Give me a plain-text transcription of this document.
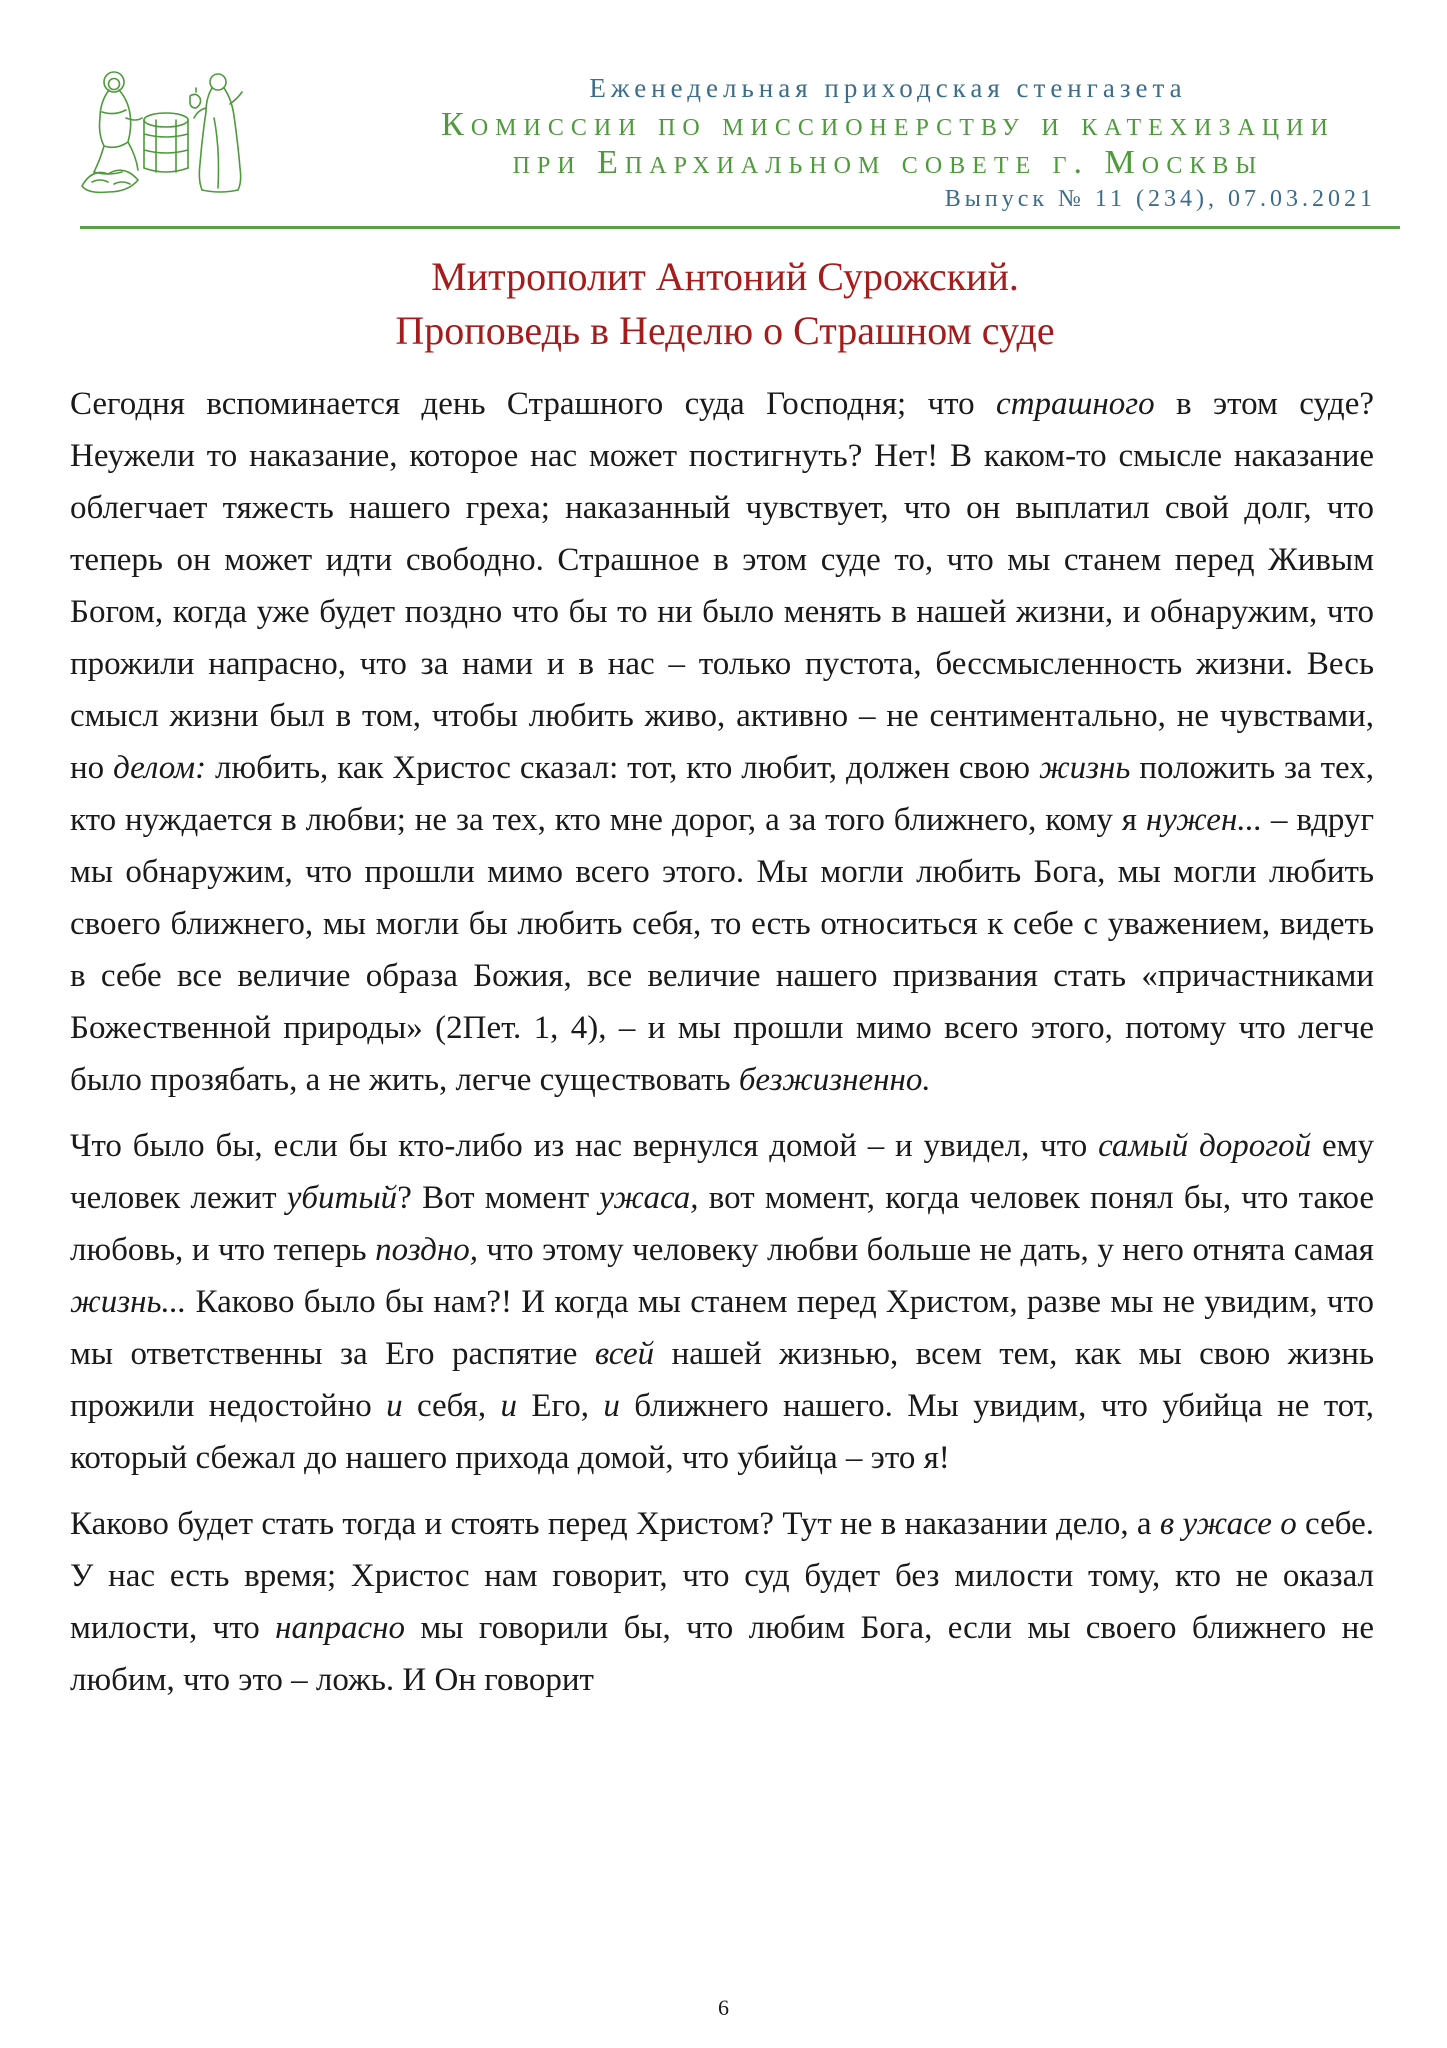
Еженедельная приходская стенгазета
Комиссии по миссионерству и катехизации
при Епархиальном совете г. Москвы
Выпуск № 11 (234), 07.03.2021
Митрополит Антоний Сурожский.
Проповедь в Неделю о Страшном суде

Сегодня вспоминается день Страшного суда Господня; что страшного в этом суде? Неужели то наказание, которое нас может постигнуть? Нет! В каком-то смысле наказание облегчает тяжесть нашего греха; наказанный чувствует, что он выплатил свой долг, что теперь он может идти свободно. Страшное в этом суде то, что мы станем перед Живым Богом, когда уже будет поздно что бы то ни было менять в нашей жизни, и обнаружим, что прожили напрасно, что за нами и в нас – только пустота, бессмысленность жизни. Весь смысл жизни был в том, чтобы любить живо, активно – не сентиментально, не чувствами, но делом: любить, как Христос сказал: тот, кто любит, должен свою жизнь положить за тех, кто нуждается в любви; не за тех, кто мне дорог, а за того ближнего, кому я нужен... – вдруг мы обнаружим, что прошли мимо всего этого. Мы могли любить Бога, мы могли любить своего ближнего, мы могли бы любить себя, то есть относиться к себе с уважением, видеть в себе все величие образа Божия, все величие нашего призвания стать «причастниками Божественной природы» (2Пет. 1, 4), – и мы прошли мимо всего этого, потому что легче было прозябать, а не жить, легче существовать безжизненно.

Что было бы, если бы кто-либо из нас вернулся домой – и увидел, что самый дорогой ему человек лежит убитый? Вот момент ужаса, вот момент, когда человек понял бы, что такое любовь, и что теперь поздно, что этому человеку любви больше не дать, у него отнята самая жизнь... Каково было бы нам?! И когда мы станем перед Христом, разве мы не увидим, что мы ответственны за Его распятие всей нашей жизнью, всем тем, как мы свою жизнь прожили недостойно и себя, и Его, и ближнего нашего. Мы увидим, что убийца не тот, который сбежал до нашего прихода домой, что убийца – это я!

Каково будет стать тогда и стоять перед Христом? Тут не в наказании дело, а в ужасе о себе. У нас есть время; Христос нам говорит, что суд будет без милости тому, кто не оказал милости, что напрасно мы говорили бы, что любим Бога, если мы своего ближнего не любим, что это – ложь. И Он говорит

6
